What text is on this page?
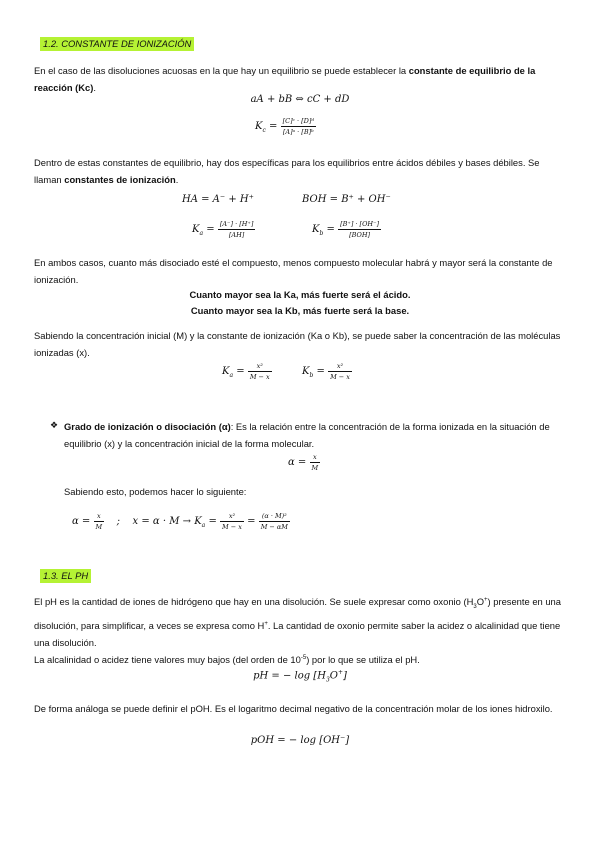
1.2. CONSTANTE DE IONIZACIÓN

En el caso de las disoluciones acuosas en la que hay un equilibrio se puede establecer la constante de equilibrio de la reacción (Kc).

aA + bB ⇔ cC + dD
$K_c = \frac{\text{[C]ᶜ · [D]ᵈ}}{\text{[A]ᵃ · [B]ᵇ}}$

Dentro de estas constantes de equilibrio, hay dos específicas para los equilibrios entre ácidos débiles y bases débiles. Se llaman constantes de ionización.

HA = A⁻ + H⁺	BOH = B⁺ + OH⁻
$K_a = \frac{[A^-] \cdot [H^+]}{[AH]}$	$K_b = \frac{[B^+] \cdot [OH^-]}{\text{[BOH]}}$

En ambos casos, cuanto más disociado esté el compuesto, menos compuesto molecular habrá y mayor será la constante de ionización.

Cuanto mayor sea la Ka, más fuerte será el ácido.
Cuanto mayor sea la Kb, más fuerte será la base.

Sabiendo la concentración inicial (M) y la constante de ionización (Ka o Kb), se puede saber la concentración de las moléculas ionizadas (x).

$K_a = \frac{\text{x²}}{M - x}$	$K_b = \frac{\text{x²}}{M - x}$
❖ Grado de ionización o disociación (α): Es la relación entre la concentración de la forma ionizada en la situación de equilibrio (x) y la concentración inicial de la forma molecular.

$\alpha = \frac{x}{M}$

Sabiendo esto, podemos hacer lo siguiente:

$\alpha = \frac{x}{M}$ ; $x = \alpha \cdot M \to K_a = \frac{\text{x²}}{M - x} = \frac{\text{(α · M)²}}{M - \alpha M}$
1.3. EL PH

El pH es la cantidad de iones de hidrógeno que hay en una disolución. Se suele expresar como oxonio $(H_3O^+)$ presente en una disolución, para simplificar, a veces se expresa como H+. La cantidad de oxonio permite saber la acidez o alcalinidad que tiene una disolución.

La alcalinidad o acidez tiene valores muy bajos (del orden de $10^{-5}$) por lo que se utiliza el pH.

pH = − $\log [H_3O^+]$

De forma análoga se puede definir el pOH. Es el logaritmo decimal negativo de la concentración molar de los iones hidroxilo.

pOH = − log [OH⁻]
